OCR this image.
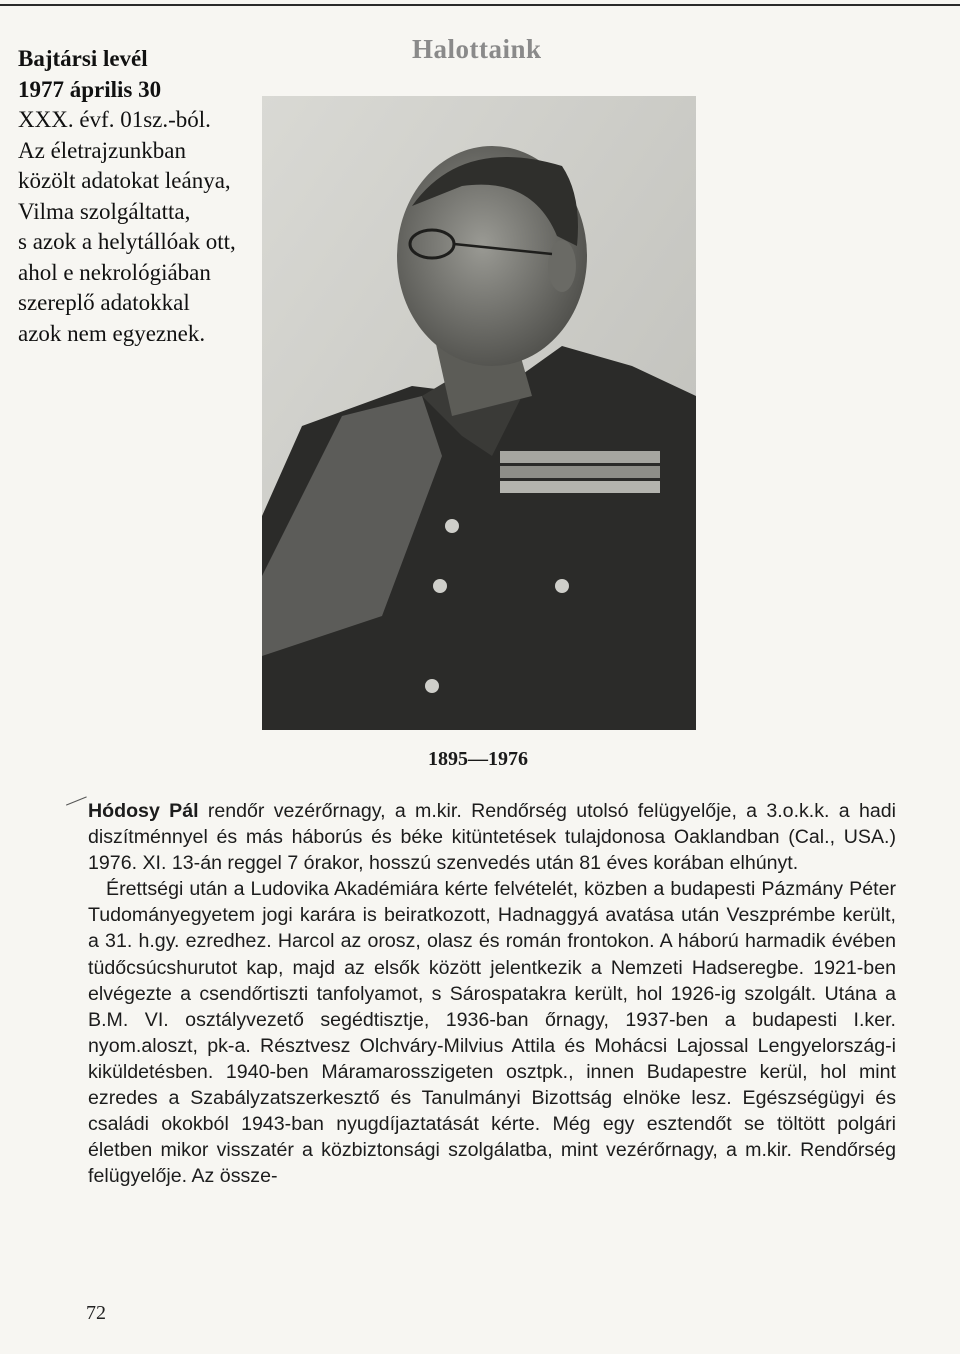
Bajtársi levél
1977 április 30
XXX. évf. 01sz.-ból.
Az életrajzunkban
közölt adatokat leánya,
Vilma szolgáltatta,
s azok a helytállóak ott,
ahol e nekrológiában
szereplő adatokkal
azok nem egyeznek.
Halottaink
1895—1976

Hódosy Pál rendőr vezérőrnagy, a m.kir. Rendőrség utolsó felügyelője, a 3.o.k.k. a hadi diszítménnyel és más háborús és béke kitüntetések tulajdonosa Oaklandban (Cal., USA.) 1976. XI. 13-án reggel 7 órakor, hosszú szenvedés után 81 éves korában elhúnyt.

Érettségi után a Ludovika Akadémiára kérte felvételét, közben a budapesti Pázmány Péter Tudományegyetem jogi karára is beiratkozott, Hadnaggyá avatása után Veszprémbe került, a 31. h.gy. ezredhez. Harcol az orosz, olasz és román frontokon. A háború harmadik évében tüdőcsúcshurutot kap, majd az elsők között jelentkezik a Nemzeti Hadseregbe. 1921-ben elvégezte a csendőrtiszti tanfolyamot, s Sárospatakra került, hol 1926-ig szolgált. Utána a B.M. VI. osztályvezető segédtisztje, 1936-ban őrnagy, 1937-ben a budapesti I.ker. nyom.aloszt, pk-a. Résztvesz Olchváry-Milvius Attila és Mohácsi Lajossal Lengyelország-i kiküldetésben. 1940-ben Máramarosszigeten osztpk., innen Budapestre kerül, hol mint ezredes a Szabályzatszerkesztő és Tanulmányi Bizottság elnöke lesz. Egészségügyi és családi okokból 1943-ban nyugdíjaztatását kérte. Még egy esztendőt se töltött polgári életben mikor visszatér a közbiztonsági szolgálatba, mint vezérőrnagy, a m.kir. Rendőrség felügyelője. Az össze-

72
